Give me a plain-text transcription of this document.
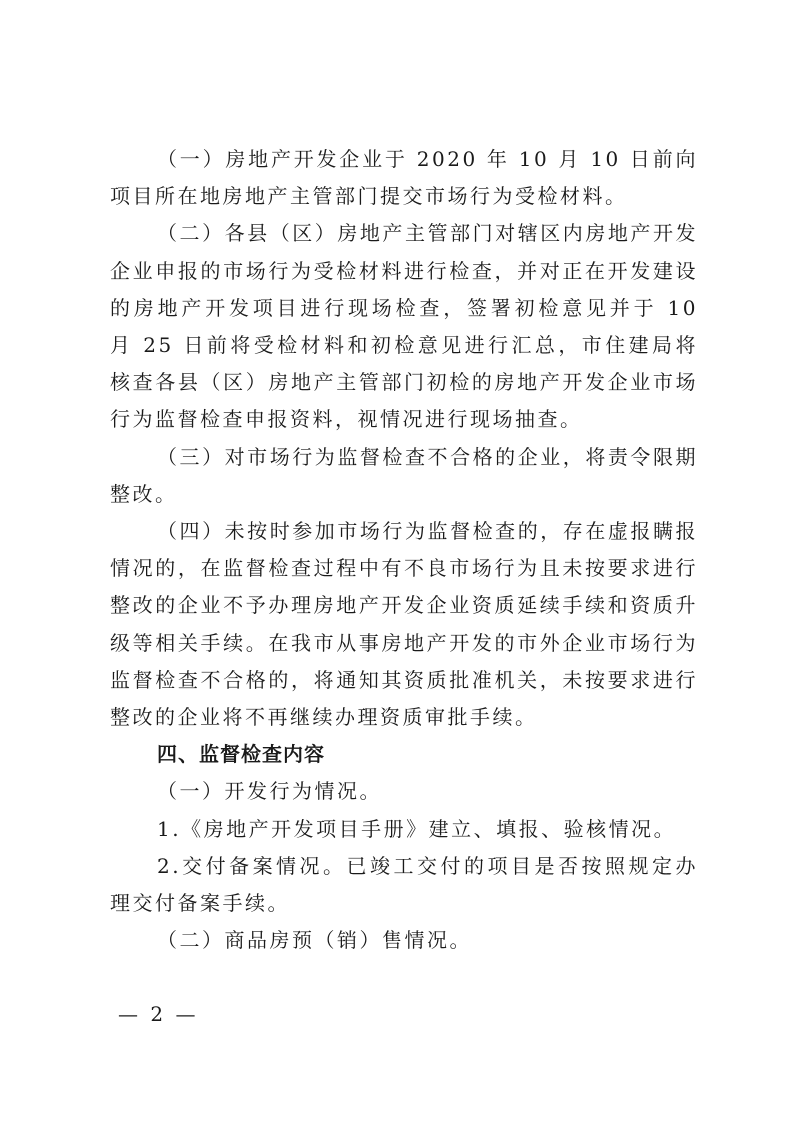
（一）房地产开发企业于 2020 年 10 月 10 日前向项目所在地房地产主管部门提交市场行为受检材料。

（二）各县（区）房地产主管部门对辖区内房地产开发企业申报的市场行为受检材料进行检查，并对正在开发建设的房地产开发项目进行现场检查，签署初检意见并于 10 月 25 日前将受检材料和初检意见进行汇总，市住建局将核查各县（区）房地产主管部门初检的房地产开发企业市场行为监督检查申报资料，视情况进行现场抽查。

（三）对市场行为监督检查不合格的企业，将责令限期整改。

（四）未按时参加市场行为监督检查的，存在虚报瞒报情况的，在监督检查过程中有不良市场行为且未按要求进行整改的企业不予办理房地产开发企业资质延续手续和资质升级等相关手续。在我市从事房地产开发的市外企业市场行为监督检查不合格的，将通知其资质批准机关，未按要求进行整改的企业将不再继续办理资质审批手续。

四、监督检查内容

（一）开发行为情况。

1.《房地产开发项目手册》建立、填报、验核情况。

2.交付备案情况。已竣工交付的项目是否按照规定办理交付备案手续。

（二）商品房预（销）售情况。

— 2 —
